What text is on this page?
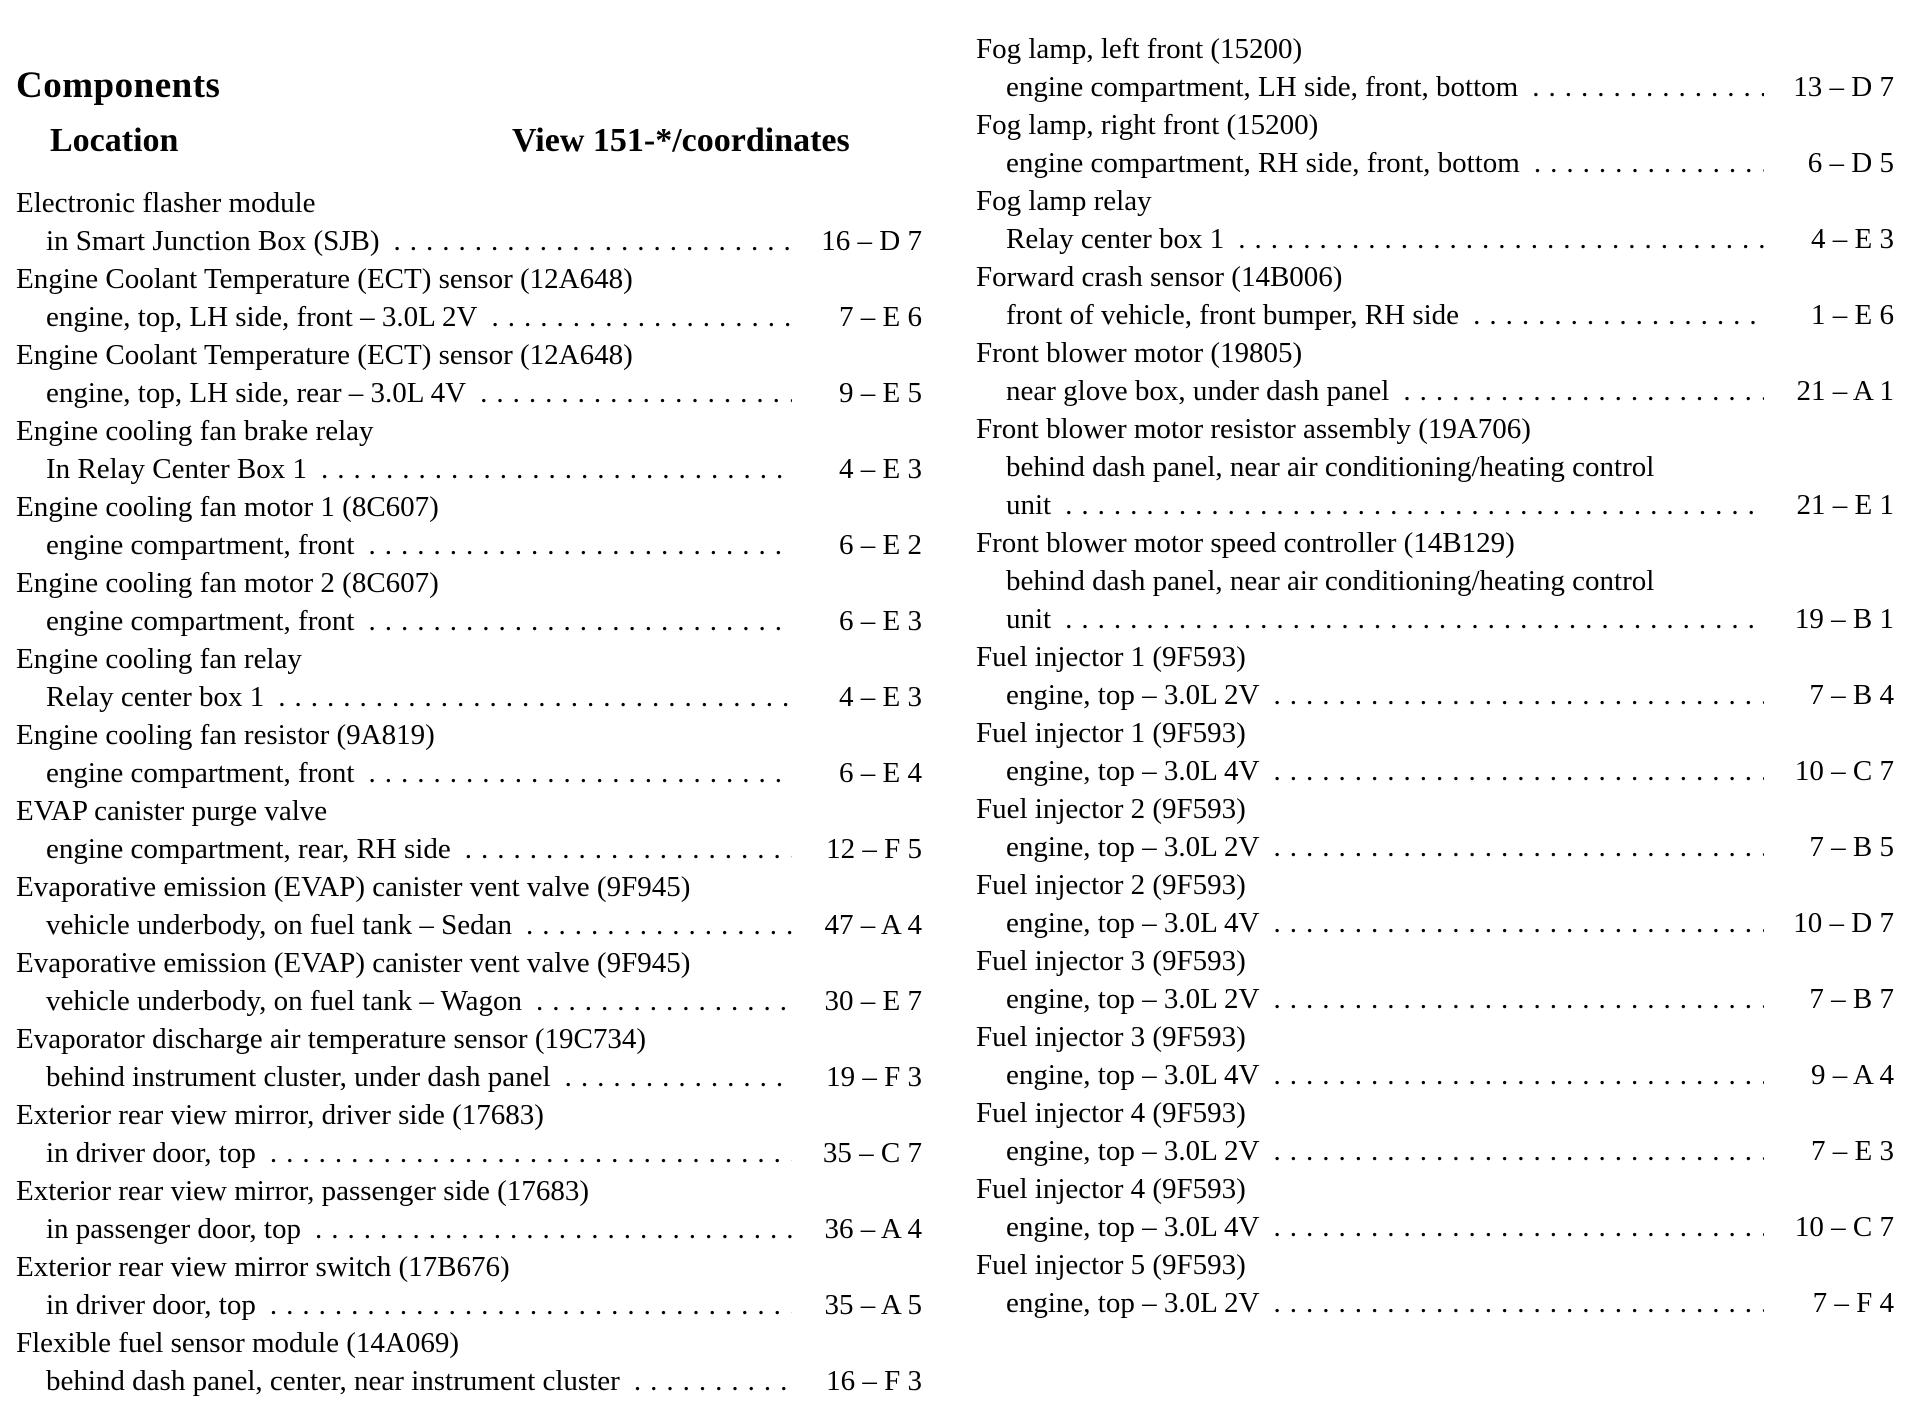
Components
Location	View 151-*/coordinates
Electronic flasher module
in Smart Junction Box (SJB) .....	16 – D 7
Engine Coolant Temperature (ECT) sensor (12A648)
engine, top, LH side, front – 3.0L 2V .....	7 – E 6
Engine Coolant Temperature (ECT) sensor (12A648)
engine, top, LH side, rear – 3.0L 4V .....	9 – E 5
Engine cooling fan brake relay
In Relay Center Box 1 .....	4 – E 3
Engine cooling fan motor 1 (8C607)
engine compartment, front .....	6 – E 2
Engine cooling fan motor 2 (8C607)
engine compartment, front .....	6 – E 3
Engine cooling fan relay
Relay center box 1 .....	4 – E 3
Engine cooling fan resistor (9A819)
engine compartment, front .....	6 – E 4
EVAP canister purge valve
engine compartment, rear, RH side .....	12 – F 5
Evaporative emission (EVAP) canister vent valve (9F945)
vehicle underbody, on fuel tank – Sedan .....	47 – A 4
Evaporative emission (EVAP) canister vent valve (9F945)
vehicle underbody, on fuel tank – Wagon .....	30 – E 7
Evaporator discharge air temperature sensor (19C734)
behind instrument cluster, under dash panel .....	19 – F 3
Exterior rear view mirror, driver side (17683)
in driver door, top .....	35 – C 7
Exterior rear view mirror, passenger side (17683)
in passenger door, top .....	36 – A 4
Exterior rear view mirror switch (17B676)
in driver door, top .....	35 – A 5
Flexible fuel sensor module (14A069)
behind dash panel, center, near instrument cluster .....	16 – F 3
Fog lamp, left front (15200)
engine compartment, LH side, front, bottom .....	13 – D 7
Fog lamp, right front (15200)
engine compartment, RH side, front, bottom .....	6 – D 5
Fog lamp relay
Relay center box 1 .....	4 – E 3
Forward crash sensor (14B006)
front of vehicle, front bumper, RH side .....	1 – E 6
Front blower motor (19805)
near glove box, under dash panel .....	21 – A 1
Front blower motor resistor assembly (19A706)
behind dash panel, near air conditioning/heating control
unit .....	21 – E 1
Front blower motor speed controller (14B129)
behind dash panel, near air conditioning/heating control
unit .....	19 – B 1
Fuel injector 1 (9F593)
engine, top – 3.0L 2V .....	7 – B 4
Fuel injector 1 (9F593)
engine, top – 3.0L 4V .....	10 – C 7
Fuel injector 2 (9F593)
engine, top – 3.0L 2V .....	7 – B 5
Fuel injector 2 (9F593)
engine, top – 3.0L 4V .....	10 – D 7
Fuel injector 3 (9F593)
engine, top – 3.0L 2V .....	7 – B 7
Fuel injector 3 (9F593)
engine, top – 3.0L 4V .....	9 – A 4
Fuel injector 4 (9F593)
engine, top – 3.0L 2V .....	7 – E 3
Fuel injector 4 (9F593)
engine, top – 3.0L 4V .....	10 – C 7
Fuel injector 5 (9F593)
engine, top – 3.0L 2V .....	7 – F 4
